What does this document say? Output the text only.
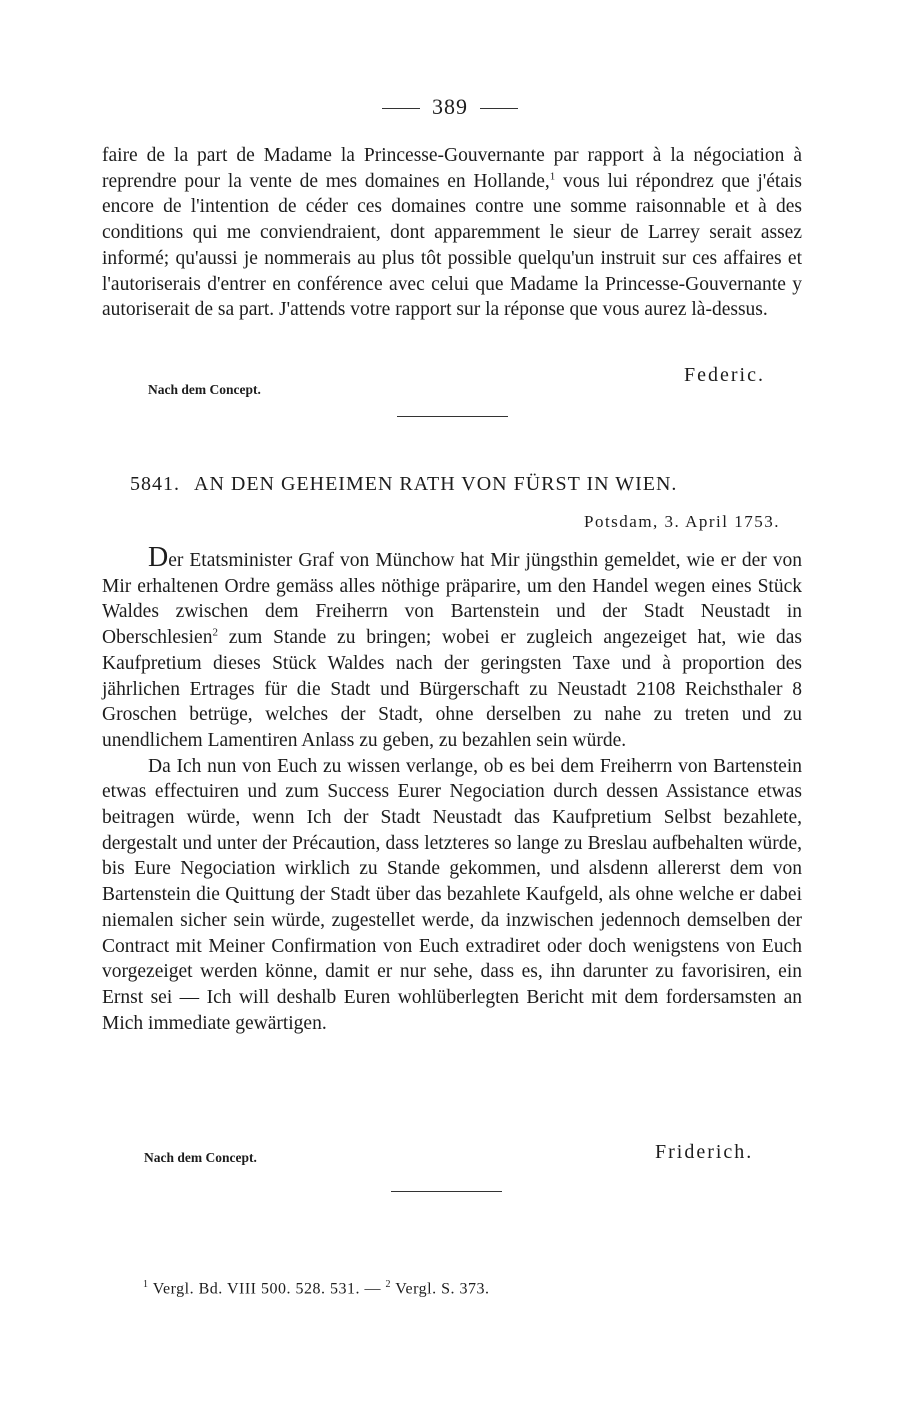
389

faire de la part de Madame la Princesse-Gouvernante par rapport à la négociation à reprendre pour la vente de mes domaines en Hollande,$^1$ vous lui répondrez que j'étais encore de l'intention de céder ces domaines contre une somme raisonnable et à des conditions qui me conviendraient, dont apparemment le sieur de Larrey serait assez informé; qu'aussi je nommerais au plus tôt possible quelqu'un instruit sur ces affaires et l'autoriserais d'entrer en conférence avec celui que Madame la Princesse-Gouvernante y autoriserait de sa part. J'attends votre rapport sur la réponse que vous aurez là-dessus.

Federic.
Nach dem Concept.
5841. AN DEN GEHEIMEN RATH VON FÜRST IN WIEN.
Potsdam, 3. April 1753.

Der Etatsminister Graf von Münchow hat Mir jüngsthin gemeldet, wie er der von Mir erhaltenen Ordre gemäss alles nöthige präparire, um den Handel wegen eines Stück Waldes zwischen dem Freiherrn von Bartenstein und der Stadt Neustadt in Oberschlesien$^2$ zum Stande zu bringen; wobei er zugleich angezeiget hat, wie das Kaufpretium dieses Stück Waldes nach der geringsten Taxe und à proportion des jährlichen Ertrages für die Stadt und Bürgerschaft zu Neustadt 2108 Reichsthaler 8 Groschen betrüge, welches der Stadt, ohne derselben zu nahe zu treten und zu unendlichem Lamentiren Anlass zu geben, zu bezahlen sein würde.

Da Ich nun von Euch zu wissen verlange, ob es bei dem Freiherrn von Bartenstein etwas effectuiren und zum Success Eurer Negociation durch dessen Assistance etwas beitragen würde, wenn Ich der Stadt Neustadt das Kaufpretium Selbst bezahlete, dergestalt und unter der Précaution, dass letzteres so lange zu Breslau aufbehalten würde, bis Eure Negociation wirklich zu Stande gekommen, und alsdenn allererst dem von Bartenstein die Quittung der Stadt über das bezahlete Kaufgeld, als ohne welche er dabei niemalen sicher sein würde, zugestellet werde, da inzwischen jedennoch demselben der Contract mit Meiner Confirmation von Euch extradiret oder doch wenigstens von Euch vorgezeiget werden könne, damit er nur sehe, dass es, ihn darunter zu favorisiren, ein Ernst sei — Ich will deshalb Euren wohlüberlegten Bericht mit dem fordersamsten an Mich immediate gewärtigen.

Nach dem Concept.	Friderich.
$^1$ Vergl. Bd. VIII 500. 528. 531. — $^2$ Vergl. S. 373.
